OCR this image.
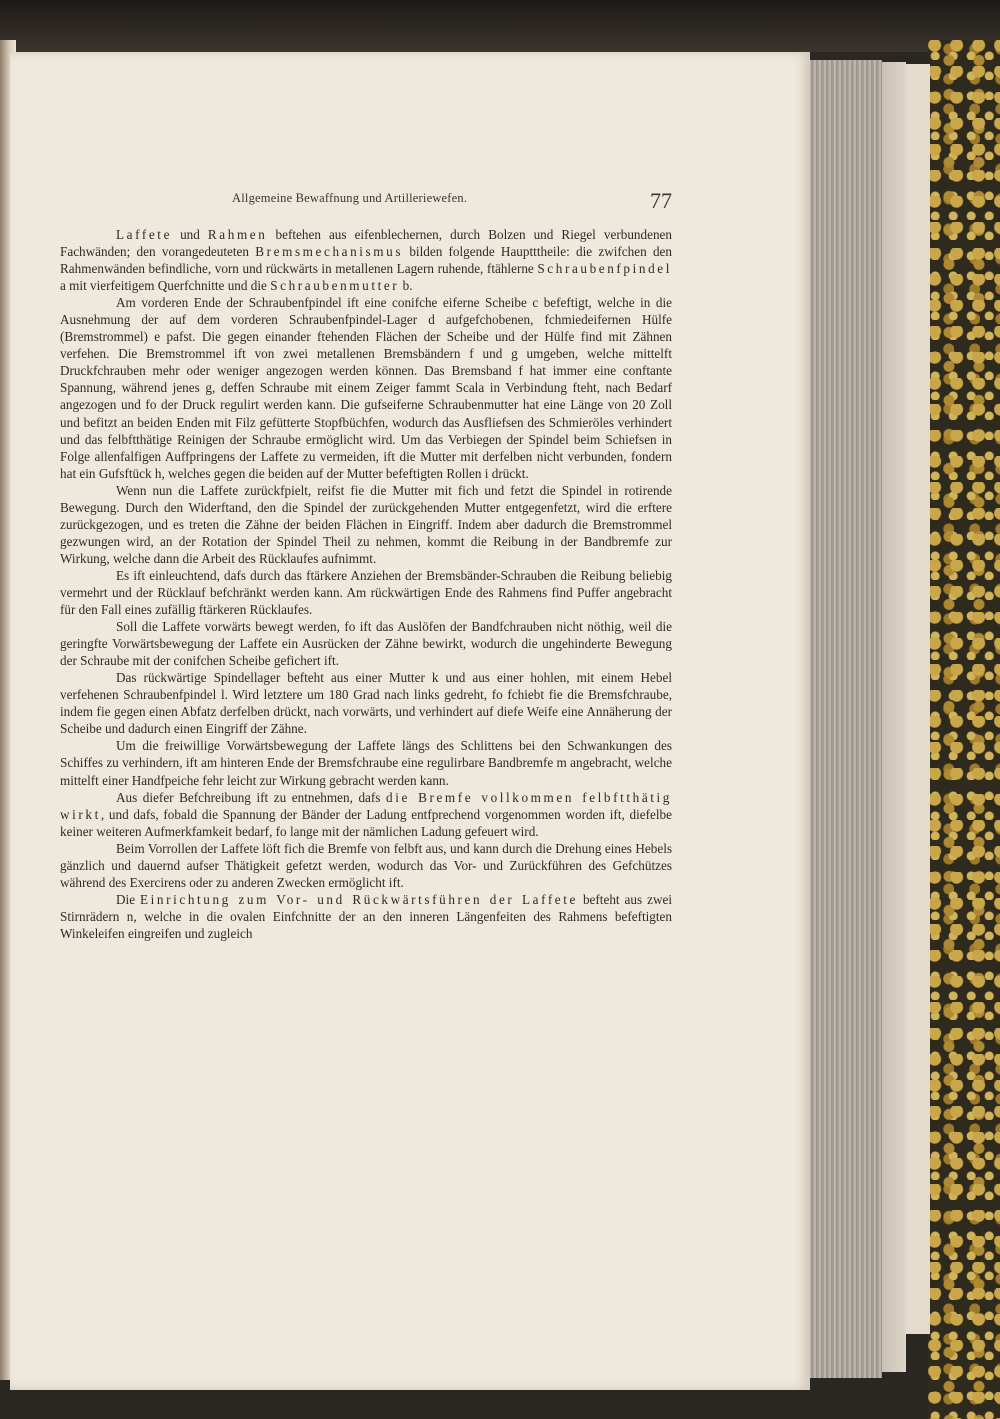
Allgemeine Bewaffnung und Artilleriewefen.	77

Laffete und Rahmen beftehen aus eifenblechernen, durch Bolzen und Riegel verbundenen Fachwänden; den vorangedeuteten Bremsmechanismus bilden folgende Hauptttheile: die zwifchen den Rahmenwänden befindliche, vorn und rückwärts in metallenen Lagern ruhende, ftählerne Schraubenfpindel a mit vierfeitigem Querfchnitte und die Schraubenmutter b.

Am vorderen Ende der Schraubenfpindel ift eine conifche eiferne Scheibe c befeftigt, welche in die Ausnehmung der auf dem vorderen Schraubenfpindel-Lager d aufgefchobenen, fchmiedeifernen Hülfe (Bremstrommel) e pafst. Die gegen einander ftehenden Flächen der Scheibe und der Hülfe find mit Zähnen verfehen. Die Bremstrommel ift von zwei metallenen Bremsbändern f und g umgeben, welche mittelft Druckfchrauben mehr oder weniger angezogen werden können. Das Bremsband f hat immer eine conftante Spannung, während jenes g, deffen Schraube mit einem Zeiger fammt Scala in Verbindung fteht, nach Bedarf angezogen und fo der Druck regulirt werden kann. Die gufseiferne Schraubenmutter hat eine Länge von 20 Zoll und befitzt an beiden Enden mit Filz gefütterte Stopfbüchfen, wodurch das Ausfliefsen des Schmieröles verhindert und das felbftthätige Reinigen der Schraube ermöglicht wird. Um das Verbiegen der Spindel beim Schiefsen in Folge allenfalfigen Auffpringens der Laffete zu vermeiden, ift die Mutter mit derfelben nicht verbunden, fondern hat ein Gufsftück h, welches gegen die beiden auf der Mutter befeftigten Rollen i drückt.

Wenn nun die Laffete zurückfpielt, reifst fie die Mutter mit fich und fetzt die Spindel in rotirende Bewegung. Durch den Widerftand, den die Spindel der zurückgehenden Mutter entgegenfetzt, wird die erftere zurückgezogen, und es treten die Zähne der beiden Flächen in Eingriff. Indem aber dadurch die Bremstrommel gezwungen wird, an der Rotation der Spindel Theil zu nehmen, kommt die Reibung in der Bandbremfe zur Wirkung, welche dann die Arbeit des Rücklaufes aufnimmt.

Es ift einleuchtend, dafs durch das ftärkere Anziehen der Bremsbänder-Schrauben die Reibung beliebig vermehrt und der Rücklauf befchränkt werden kann. Am rückwärtigen Ende des Rahmens find Puffer angebracht für den Fall eines zufällig ftärkeren Rücklaufes.

Soll die Laffete vorwärts bewegt werden, fo ift das Auslöfen der Bandfchrauben nicht nöthig, weil die geringfte Vorwärtsbewegung der Laffete ein Ausrücken der Zähne bewirkt, wodurch die ungehinderte Bewegung der Schraube mit der conifchen Scheibe gefichert ift.

Das rückwärtige Spindellager befteht aus einer Mutter k und aus einer hohlen, mit einem Hebel verfehenen Schraubenfpindel l. Wird letztere um 180 Grad nach links gedreht, fo fchiebt fie die Bremsfchraube, indem fie gegen einen Abfatz derfelben drückt, nach vorwärts, und verhindert auf diefe Weife eine Annäherung der Scheibe und dadurch einen Eingriff der Zähne.

Um die freiwillige Vorwärtsbewegung der Laffete längs des Schlittens bei den Schwankungen des Schiffes zu verhindern, ift am hinteren Ende der Bremsfchraube eine regulirbare Bandbremfe m angebracht, welche mittelft einer Handfpeiche fehr leicht zur Wirkung gebracht werden kann.

Aus diefer Befchreibung ift zu entnehmen, dafs die Bremfe vollkommen felbftthätig wirkt, und dafs, fobald die Spannung der Bänder der Ladung entfprechend vorgenommen worden ift, diefelbe keiner weiteren Aufmerkfamkeit bedarf, fo lange mit der nämlichen Ladung gefeuert wird.

Beim Vorrollen der Laffete löft fich die Bremfe von felbft aus, und kann durch die Drehung eines Hebels gänzlich und dauernd aufser Thätigkeit gefetzt werden, wodurch das Vor- und Zurückführen des Gefchützes während des Exercirens oder zu anderen Zwecken ermöglicht ift.

Die Einrichtung zum Vor- und Rückwärtsführen der Laffete befteht aus zwei Stirnrädern n, welche in die ovalen Einfchnitte der an den inneren Längenfeiten des Rahmens befeftigten Winkeleifen eingreifen und zugleich
